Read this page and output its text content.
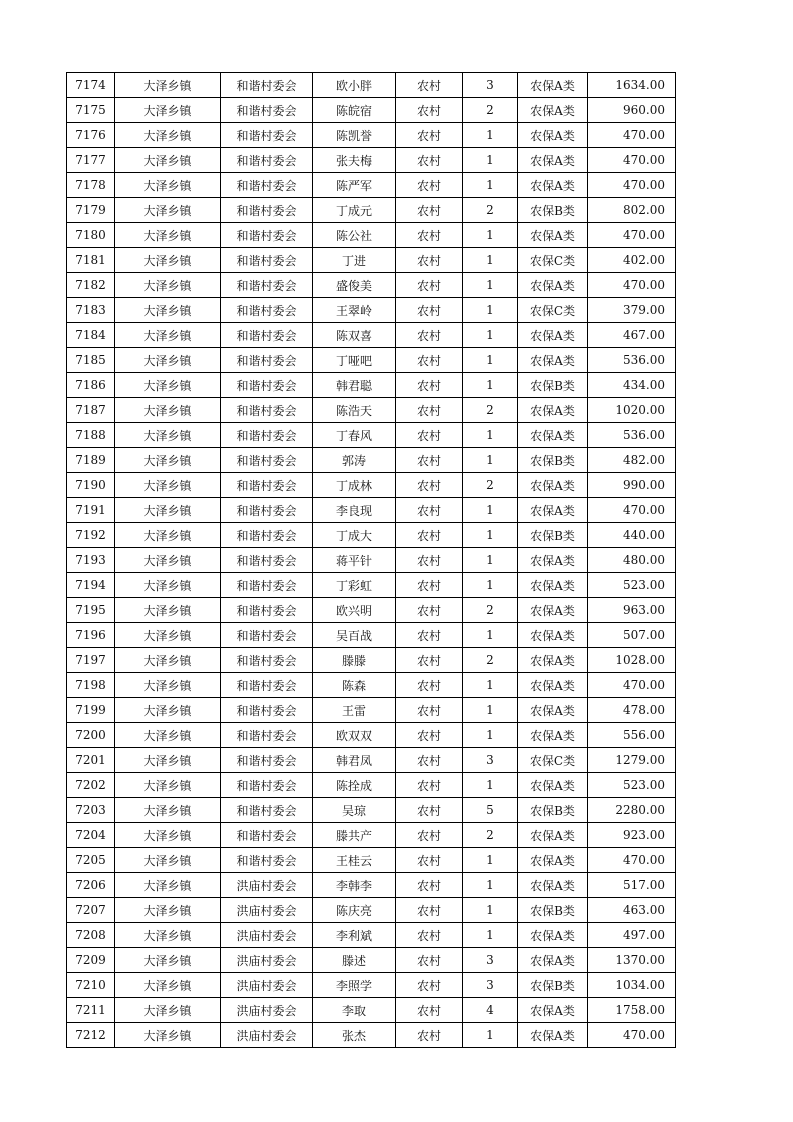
7174	大泽乡镇	和谐村委会	欧小胖	农村	3	农保A类	1634.00
7175	大泽乡镇	和谐村委会	陈皖宿	农村	2	农保A类	960.00
7176	大泽乡镇	和谐村委会	陈凯誉	农村	1	农保A类	470.00
7177	大泽乡镇	和谐村委会	张夫梅	农村	1	农保A类	470.00
7178	大泽乡镇	和谐村委会	陈严军	农村	1	农保A类	470.00
7179	大泽乡镇	和谐村委会	丁成元	农村	2	农保B类	802.00
7180	大泽乡镇	和谐村委会	陈公社	农村	1	农保A类	470.00
7181	大泽乡镇	和谐村委会	丁进	农村	1	农保C类	402.00
7182	大泽乡镇	和谐村委会	盛俊美	农村	1	农保A类	470.00
7183	大泽乡镇	和谐村委会	王翠岭	农村	1	农保C类	379.00
7184	大泽乡镇	和谐村委会	陈双喜	农村	1	农保A类	467.00
7185	大泽乡镇	和谐村委会	丁哑吧	农村	1	农保A类	536.00
7186	大泽乡镇	和谐村委会	韩君聪	农村	1	农保B类	434.00
7187	大泽乡镇	和谐村委会	陈浩天	农村	2	农保A类	1020.00
7188	大泽乡镇	和谐村委会	丁春风	农村	1	农保A类	536.00
7189	大泽乡镇	和谐村委会	郭涛	农村	1	农保B类	482.00
7190	大泽乡镇	和谐村委会	丁成林	农村	2	农保A类	990.00
7191	大泽乡镇	和谐村委会	李良现	农村	1	农保A类	470.00
7192	大泽乡镇	和谐村委会	丁成大	农村	1	农保B类	440.00
7193	大泽乡镇	和谐村委会	蒋平针	农村	1	农保A类	480.00
7194	大泽乡镇	和谐村委会	丁彩虹	农村	1	农保A类	523.00
7195	大泽乡镇	和谐村委会	欧兴明	农村	2	农保A类	963.00
7196	大泽乡镇	和谐村委会	吴百战	农村	1	农保A类	507.00
7197	大泽乡镇	和谐村委会	滕滕	农村	2	农保A类	1028.00
7198	大泽乡镇	和谐村委会	陈森	农村	1	农保A类	470.00
7199	大泽乡镇	和谐村委会	王雷	农村	1	农保A类	478.00
7200	大泽乡镇	和谐村委会	欧双双	农村	1	农保A类	556.00
7201	大泽乡镇	和谐村委会	韩君凤	农村	3	农保C类	1279.00
7202	大泽乡镇	和谐村委会	陈拴成	农村	1	农保A类	523.00
7203	大泽乡镇	和谐村委会	吴琼	农村	5	农保B类	2280.00
7204	大泽乡镇	和谐村委会	滕共产	农村	2	农保A类	923.00
7205	大泽乡镇	和谐村委会	王桂云	农村	1	农保A类	470.00
7206	大泽乡镇	洪庙村委会	李韩李	农村	1	农保A类	517.00
7207	大泽乡镇	洪庙村委会	陈庆亮	农村	1	农保B类	463.00
7208	大泽乡镇	洪庙村委会	李利斌	农村	1	农保A类	497.00
7209	大泽乡镇	洪庙村委会	滕述	农村	3	农保A类	1370.00
7210	大泽乡镇	洪庙村委会	李照学	农村	3	农保B类	1034.00
7211	大泽乡镇	洪庙村委会	李取	农村	4	农保A类	1758.00
7212	大泽乡镇	洪庙村委会	张杰	农村	1	农保A类	470.00
